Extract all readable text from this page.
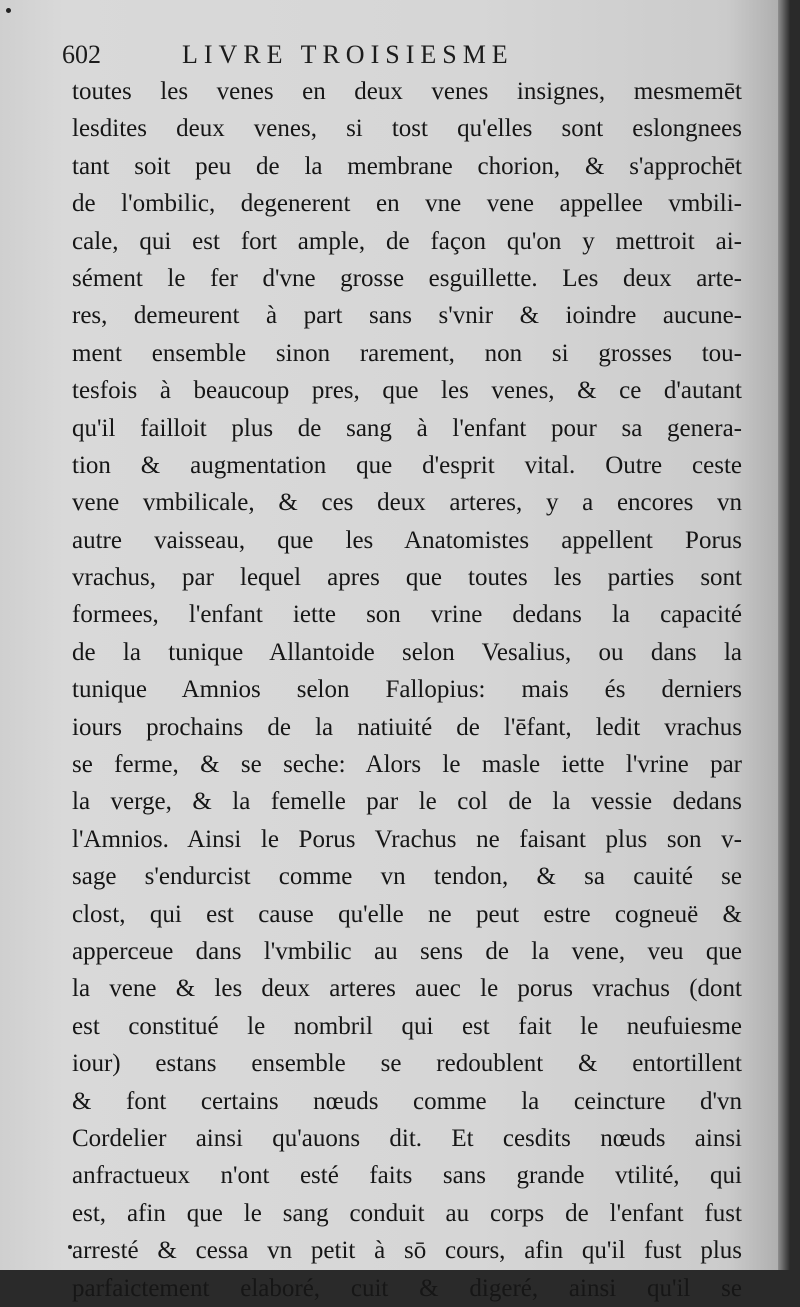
602	LIVRE TROISIESME
toutes les venes en deux venes insignes, mesmemēt
lesdites deux venes, si tost qu'elles sont eslongnees
tant soit peu de la membrane chorion, & s'approchēt
de l'ombilic, degenerent en vne vene appellee vmbili-
cale, qui est fort ample, de façon qu'on y mettroit ai-
sément le fer d'vne grosse esguillette. Les deux arte-
res, demeurent à part sans s'vnir & ioindre aucune-
ment ensemble sinon rarement, non si grosses tou-
tesfois à beaucoup pres, que les venes, & ce d'autant
qu'il failloit plus de sang à l'enfant pour sa genera-
tion & augmentation que d'esprit vital. Outre ceste
vene vmbilicale, & ces deux arteres, y a encores vn
autre vaisseau, que les Anatomistes appellent Porus
vrachus, par lequel apres que toutes les parties sont
formees, l'enfant iette son vrine dedans la capacité
de la tunique Allantoide selon Vesalius, ou dans la
tunique Amnios selon Fallopius: mais és derniers
iours prochains de la natiuité de l'ēfant, ledit vrachus
se ferme, & se seche: Alors le masle iette l'vrine par
la verge, & la femelle par le col de la vessie dedans
l'Amnios. Ainsi le Porus Vrachus ne faisant plus son v-
sage s'endurcist comme vn tendon, & sa cauité se
clost, qui est cause qu'elle ne peut estre cogneuë &
apperceue dans l'vmbilic au sens de la vene, veu que
la vene & les deux arteres auec le porus vrachus (dont
est constitué le nombril qui est fait le neufuiesme
iour) estans ensemble se redoublent & entortillent
& font certains nœuds comme la ceincture d'vn
Cordelier ainsi qu'auons dit. Et cesdits nœuds ainsi
anfractueux n'ont esté faits sans grande vtilité, qui
est, afin que le sang conduit au corps de l'enfant fust
arresté & cessa vn petit à sō cours, afin qu'il fust plus
parfaictement elaboré, cuit & digeré, ainsi qu'il se
